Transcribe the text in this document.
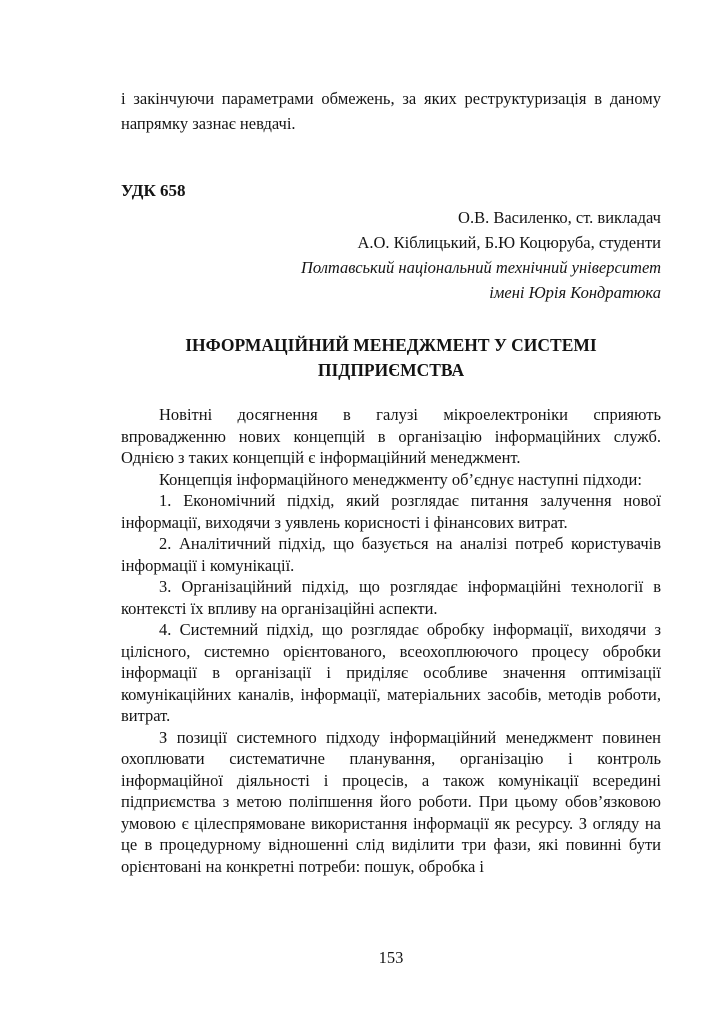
і закінчуючи параметрами обмежень, за яких реструктуризація в даному напрямку зазнає невдачі.

УДК 658

О.В. Василенко, ст. викладач
А.О. Кіблицький, Б.Ю Коцюруба, студенти
Полтавський національний технічний університет
імені Юрія Кондратюка
ІНФОРМАЦІЙНИЙ МЕНЕДЖМЕНТ У СИСТЕМІ ПІДПРИЄМСТВА

Новітні досягнення в галузі мікроелектроніки сприяють впровадженню нових концепцій в організацію інформаційних служб. Однією з таких концепцій є інформаційний менеджмент.

Концепція інформаційного менеджменту об’єднує наступні підходи:

1. Економічний підхід, який розглядає питання залучення нової інформації, виходячи з уявлень корисності і фінансових витрат.

2. Аналітичний підхід, що базується на аналізі потреб користувачів інформації і комунікації.

3. Організаційний підхід, що розглядає інформаційні технології в контексті їх впливу на організаційні аспекти.

4. Системний підхід, що розглядає обробку інформації, виходячи з цілісного, системно орієнтованого, всеохоплюючого процесу обробки інформації в організації і приділяє особливе значення оптимізації комунікаційних каналів, інформації, матеріальних засобів, методів роботи, витрат.

З позиції системного підходу інформаційний менеджмент повинен охоплювати систематичне планування, організацію і контроль інформаційної діяльності і процесів, а також комунікації всередині підприємства з метою поліпшення його роботи. При цьому обов’язковою умовою є цілеспрямоване використання інформації як ресурсу. З огляду на це в процедурному відношенні слід виділити три фази, які повинні бути орієнтовані на конкретні потреби: пошук, обробка і

153
